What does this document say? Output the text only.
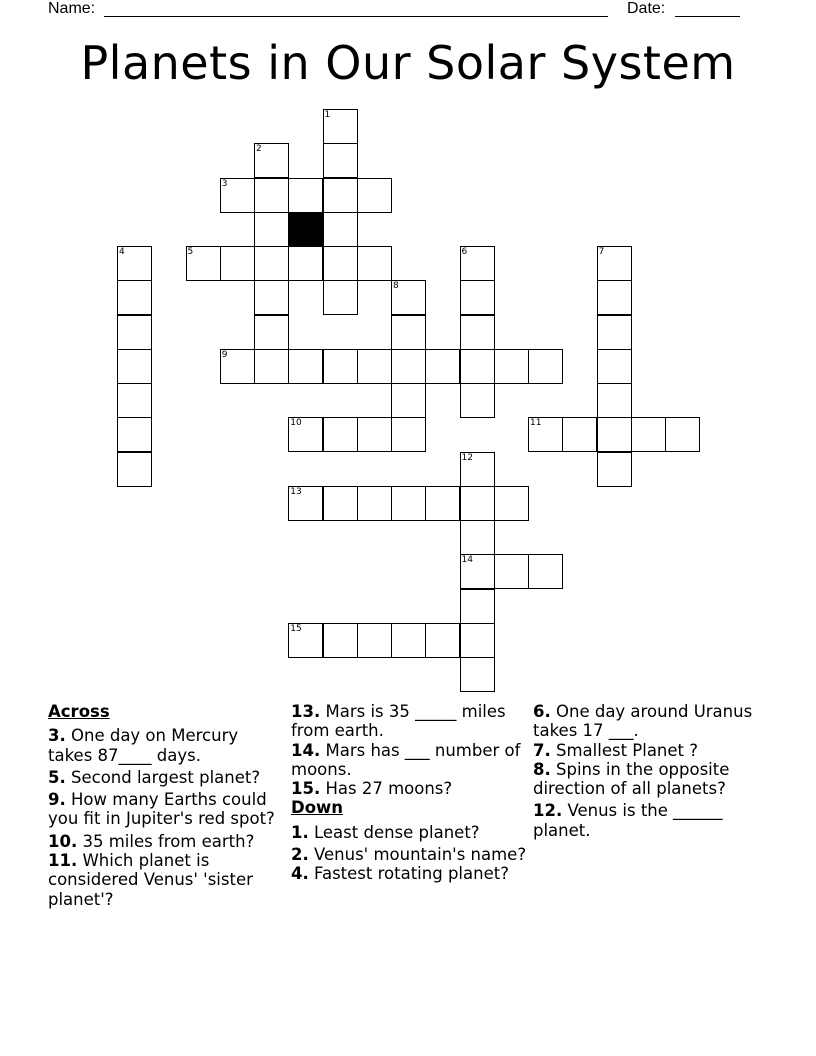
Name:	Date:
Planets in Our Solar System
1
2
3
4	5	6	7
8
9
10	11
12
13
14
15
Across
3. One day on Mercury takes 87____ days.
5. Second largest planet?
9. How many Earths could you fit in Jupiter's red spot?
10. 35 miles from earth?
11. Which planet is considered Venus' 'sister planet'?
13. Mars is 35 _____ miles from earth.
14. Mars has ___ number of moons.
15. Has 27 moons?
Down
1. Least dense planet?
2. Venus' mountain's name?
4. Fastest rotating planet?
6. One day around Uranus takes 17 ___.
7. Smallest Planet ?
8. Spins in the opposite direction of all planets?
12. Venus is the ______ planet.
